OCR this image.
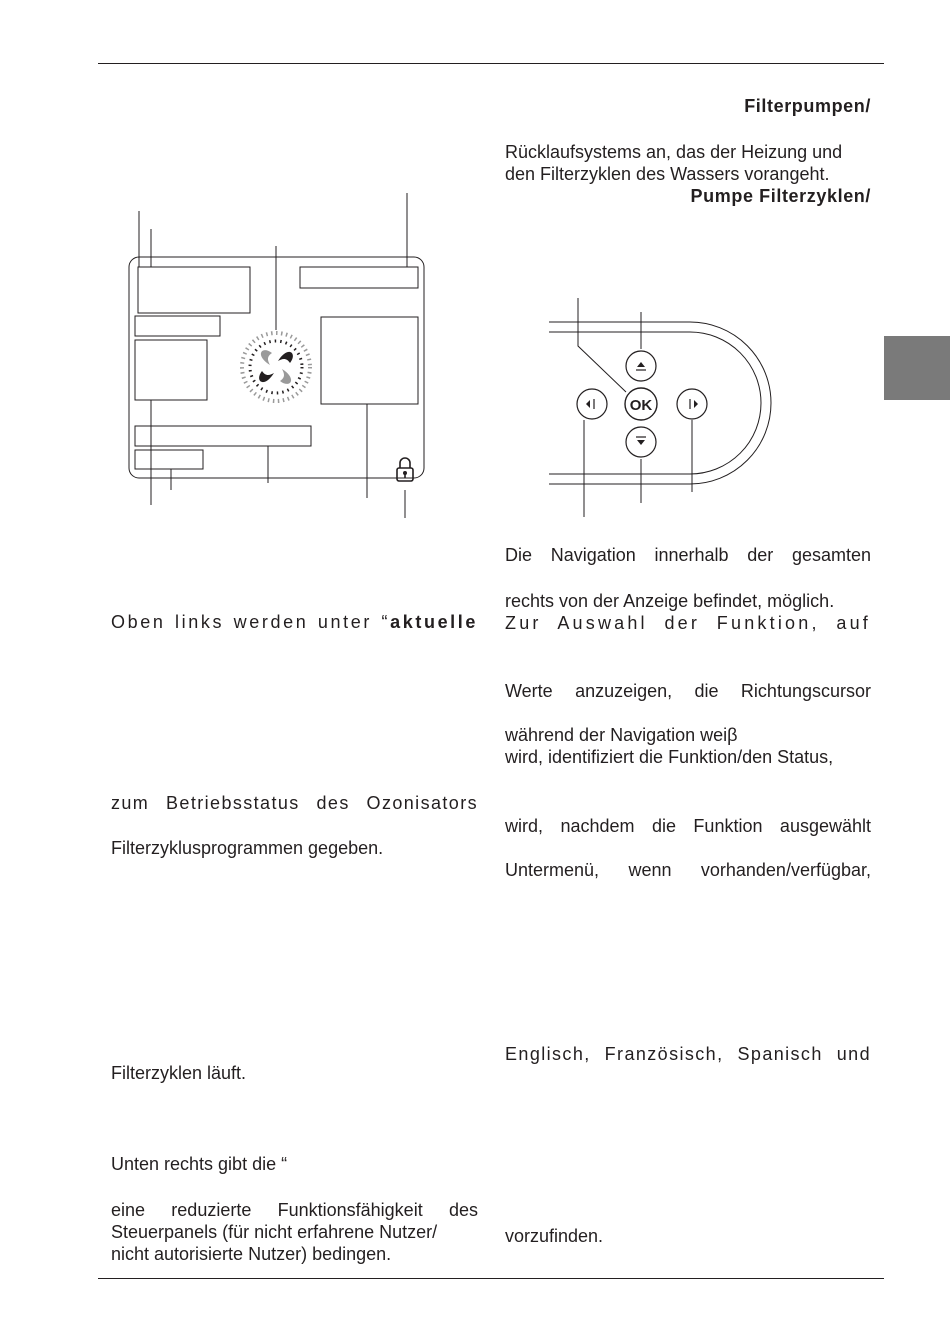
OK
Filterpumpen/
Rücklaufsystems an, das der Heizung und
den Filterzyklen des Wassers vorangeht.
Pumpe Filterzyklen/
Die Navigation innerhalb der gesamten
rechts von der Anzeige befindet, möglich.
Zur Auswahl der Funktion, auf
Werte anzuzeigen, die Richtungscursor
während der Navigation weiβ
wird, identifiziert die Funktion/den Status,
wird, nachdem die Funktion ausgewählt
Untermenü, wenn vorhanden/verfügbar,
Englisch, Französisch, Spanisch und
vorzufinden.
Oben links werden unter “aktuelle
zum Betriebsstatus des Ozonisators
Filterzyklusprogrammen gegeben.
Filterzyklen läuft.
Unten rechts gibt die “
eine reduzierte Funktionsfähigkeit des
Steuerpanels (für nicht erfahrene Nutzer/
nicht autorisierte Nutzer) bedingen.
